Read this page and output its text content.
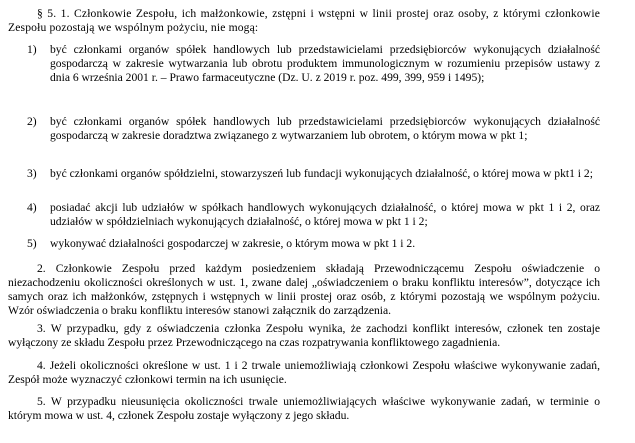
§ 5. 1. Członkowie Zespołu, ich małżonkowie, zstępni i wstępni w linii prostej oraz osoby, z którymi członkowie Zespołu pozostają we wspólnym pożyciu, nie mogą:

1) być członkami organów spółek handlowych lub przedstawicielami przedsiębiorców wykonujących działalność gospodarczą w zakresie wytwarzania lub obrotu produktem immunologicznym w rozumieniu przepisów ustawy z dnia 6 września 2001 r. – Prawo farmaceutyczne (Dz. U. z 2019 r. poz. 499, 399, 959 i 1495);
2) być członkami organów spółek handlowych lub przedstawicielami przedsiębiorców wykonujących działalność gospodarczą w zakresie doradztwa związanego z wytwarzaniem lub obrotem, o którym mowa w pkt 1;
3) być członkami organów spółdzielni, stowarzyszeń lub fundacji wykonujących działalność, o której mowa w pkt1 i 2;
4) posiadać akcji lub udziałów w spółkach handlowych wykonujących działalność, o której mowa w pkt 1 i 2, oraz udziałów w spółdzielniach wykonujących działalność, o której mowa w pkt 1 i 2;
5) wykonywać działalności gospodarczej w zakresie, o którym mowa w pkt 1 i 2.

2. Członkowie Zespołu przed każdym posiedzeniem składają Przewodniczącemu Zespołu oświadczenie o niezachodzeniu okoliczności określonych w ust. 1, zwane dalej „oświadczeniem o braku konfliktu interesów”, dotyczące ich samych oraz ich małżonków, zstępnych i wstępnych w linii prostej oraz osób, z którymi pozostają we wspólnym pożyciu. Wzór oświadczenia o braku konfliktu interesów stanowi załącznik do zarządzenia.

3. W przypadku, gdy z oświadczenia członka Zespołu wynika, że zachodzi konflikt interesów, członek ten zostaje wyłączony ze składu Zespołu przez Przewodniczącego na czas rozpatrywania konfliktowego zagadnienia.

4. Jeżeli okoliczności określone w ust. 1 i 2 trwale uniemożliwiają członkowi Zespołu właściwe wykonywanie zadań, Zespół może wyznaczyć członkowi termin na ich usunięcie.

5. W przypadku nieusunięcia okoliczności trwale uniemożliwiających właściwe wykonywanie zadań, w terminie o którym mowa w ust. 4, członek Zespołu zostaje wyłączony z jego składu.
